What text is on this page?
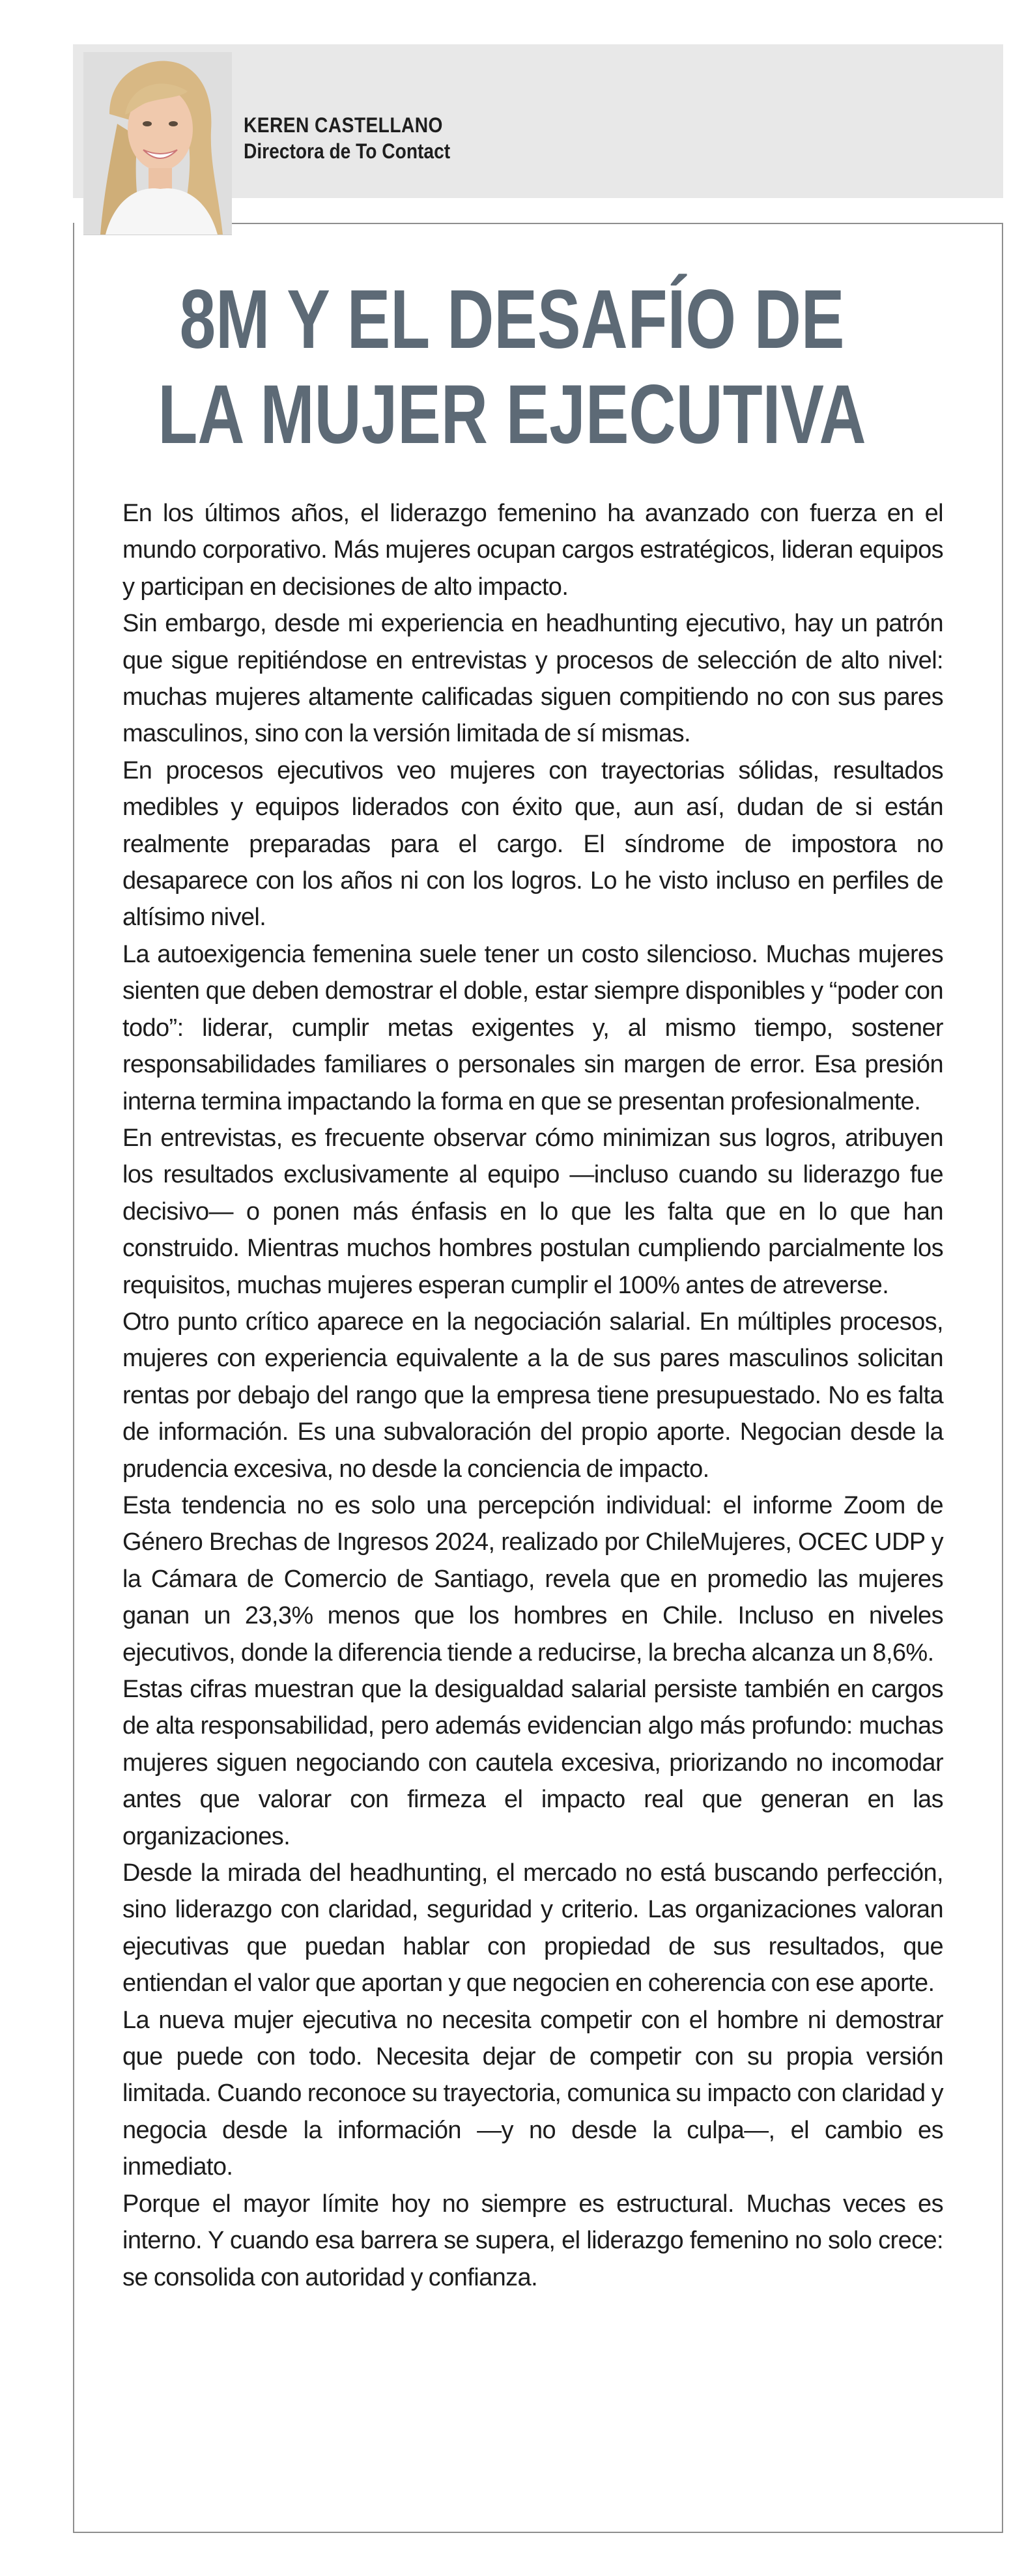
KEREN CASTELLANO
Directora de To Contact
8M Y EL DESAFÍO DE
LA MUJER EJECUTIVA

En los últimos años, el liderazgo femenino ha avanzado con fuerza en el mundo corporativo. Más mujeres ocupan cargos estratégicos, lideran equipos y participan en decisiones de alto impacto.

Sin embargo, desde mi experiencia en headhunting ejecutivo, hay un patrón que sigue repitiéndose en entrevistas y procesos de selección de alto nivel: muchas mujeres altamente calificadas siguen compitiendo no con sus pares masculinos, sino con la versión limitada de sí mismas.

En procesos ejecutivos veo mujeres con trayectorias sólidas, resultados medibles y equipos liderados con éxito que, aun así, dudan de si están realmente preparadas para el cargo. El síndrome de impostora no desaparece con los años ni con los logros. Lo he visto incluso en perfiles de altísimo nivel.

La autoexigencia femenina suele tener un costo silencioso. Muchas mujeres sienten que deben demostrar el doble, estar siempre disponibles y “poder con todo”: liderar, cumplir metas exigentes y, al mismo tiempo, sostener responsabilidades familiares o personales sin margen de error. Esa presión interna termina impactando la forma en que se presentan profesionalmente.

En entrevistas, es frecuente observar cómo minimizan sus logros, atribuyen los resultados exclusivamente al equipo —incluso cuando su liderazgo fue decisivo— o ponen más énfasis en lo que les falta que en lo que han construido. Mientras muchos hombres postulan cumpliendo parcialmente los requisitos, muchas mujeres esperan cumplir el 100% antes de atreverse.

Otro punto crítico aparece en la negociación salarial. En múltiples procesos, mujeres con experiencia equivalente a la de sus pares masculinos solicitan rentas por debajo del rango que la empresa tiene presupuestado. No es falta de información. Es una subvaloración del propio aporte. Negocian desde la prudencia excesiva, no desde la conciencia de impacto.

Esta tendencia no es solo una percepción individual: el informe Zoom de Género Brechas de Ingresos 2024, realizado por ChileMujeres, OCEC UDP y la Cámara de Comercio de Santiago, revela que en promedio las mujeres ganan un 23,3% menos que los hombres en Chile. Incluso en niveles ejecutivos, donde la diferencia tiende a reducirse, la brecha alcanza un 8,6%.

Estas cifras muestran que la desigualdad salarial persiste también en cargos de alta responsabilidad, pero además evidencian algo más profundo: muchas mujeres siguen negociando con cautela excesiva, priorizando no incomodar antes que valorar con firmeza el impacto real que generan en las organizaciones.

Desde la mirada del headhunting, el mercado no está buscando perfección, sino liderazgo con claridad, seguridad y criterio. Las organizaciones valoran ejecutivas que puedan hablar con propiedad de sus resultados, que entiendan el valor que aportan y que negocien en coherencia con ese aporte.

La nueva mujer ejecutiva no necesita competir con el hombre ni demostrar que puede con todo. Necesita dejar de competir con su propia versión limitada. Cuando reconoce su trayectoria, comunica su impacto con claridad y negocia desde la información —y no desde la culpa—, el cambio es inmediato.

Porque el mayor límite hoy no siempre es estructural. Muchas veces es interno. Y cuando esa barrera se supera, el liderazgo femenino no solo crece: se consolida con autoridad y confianza.
